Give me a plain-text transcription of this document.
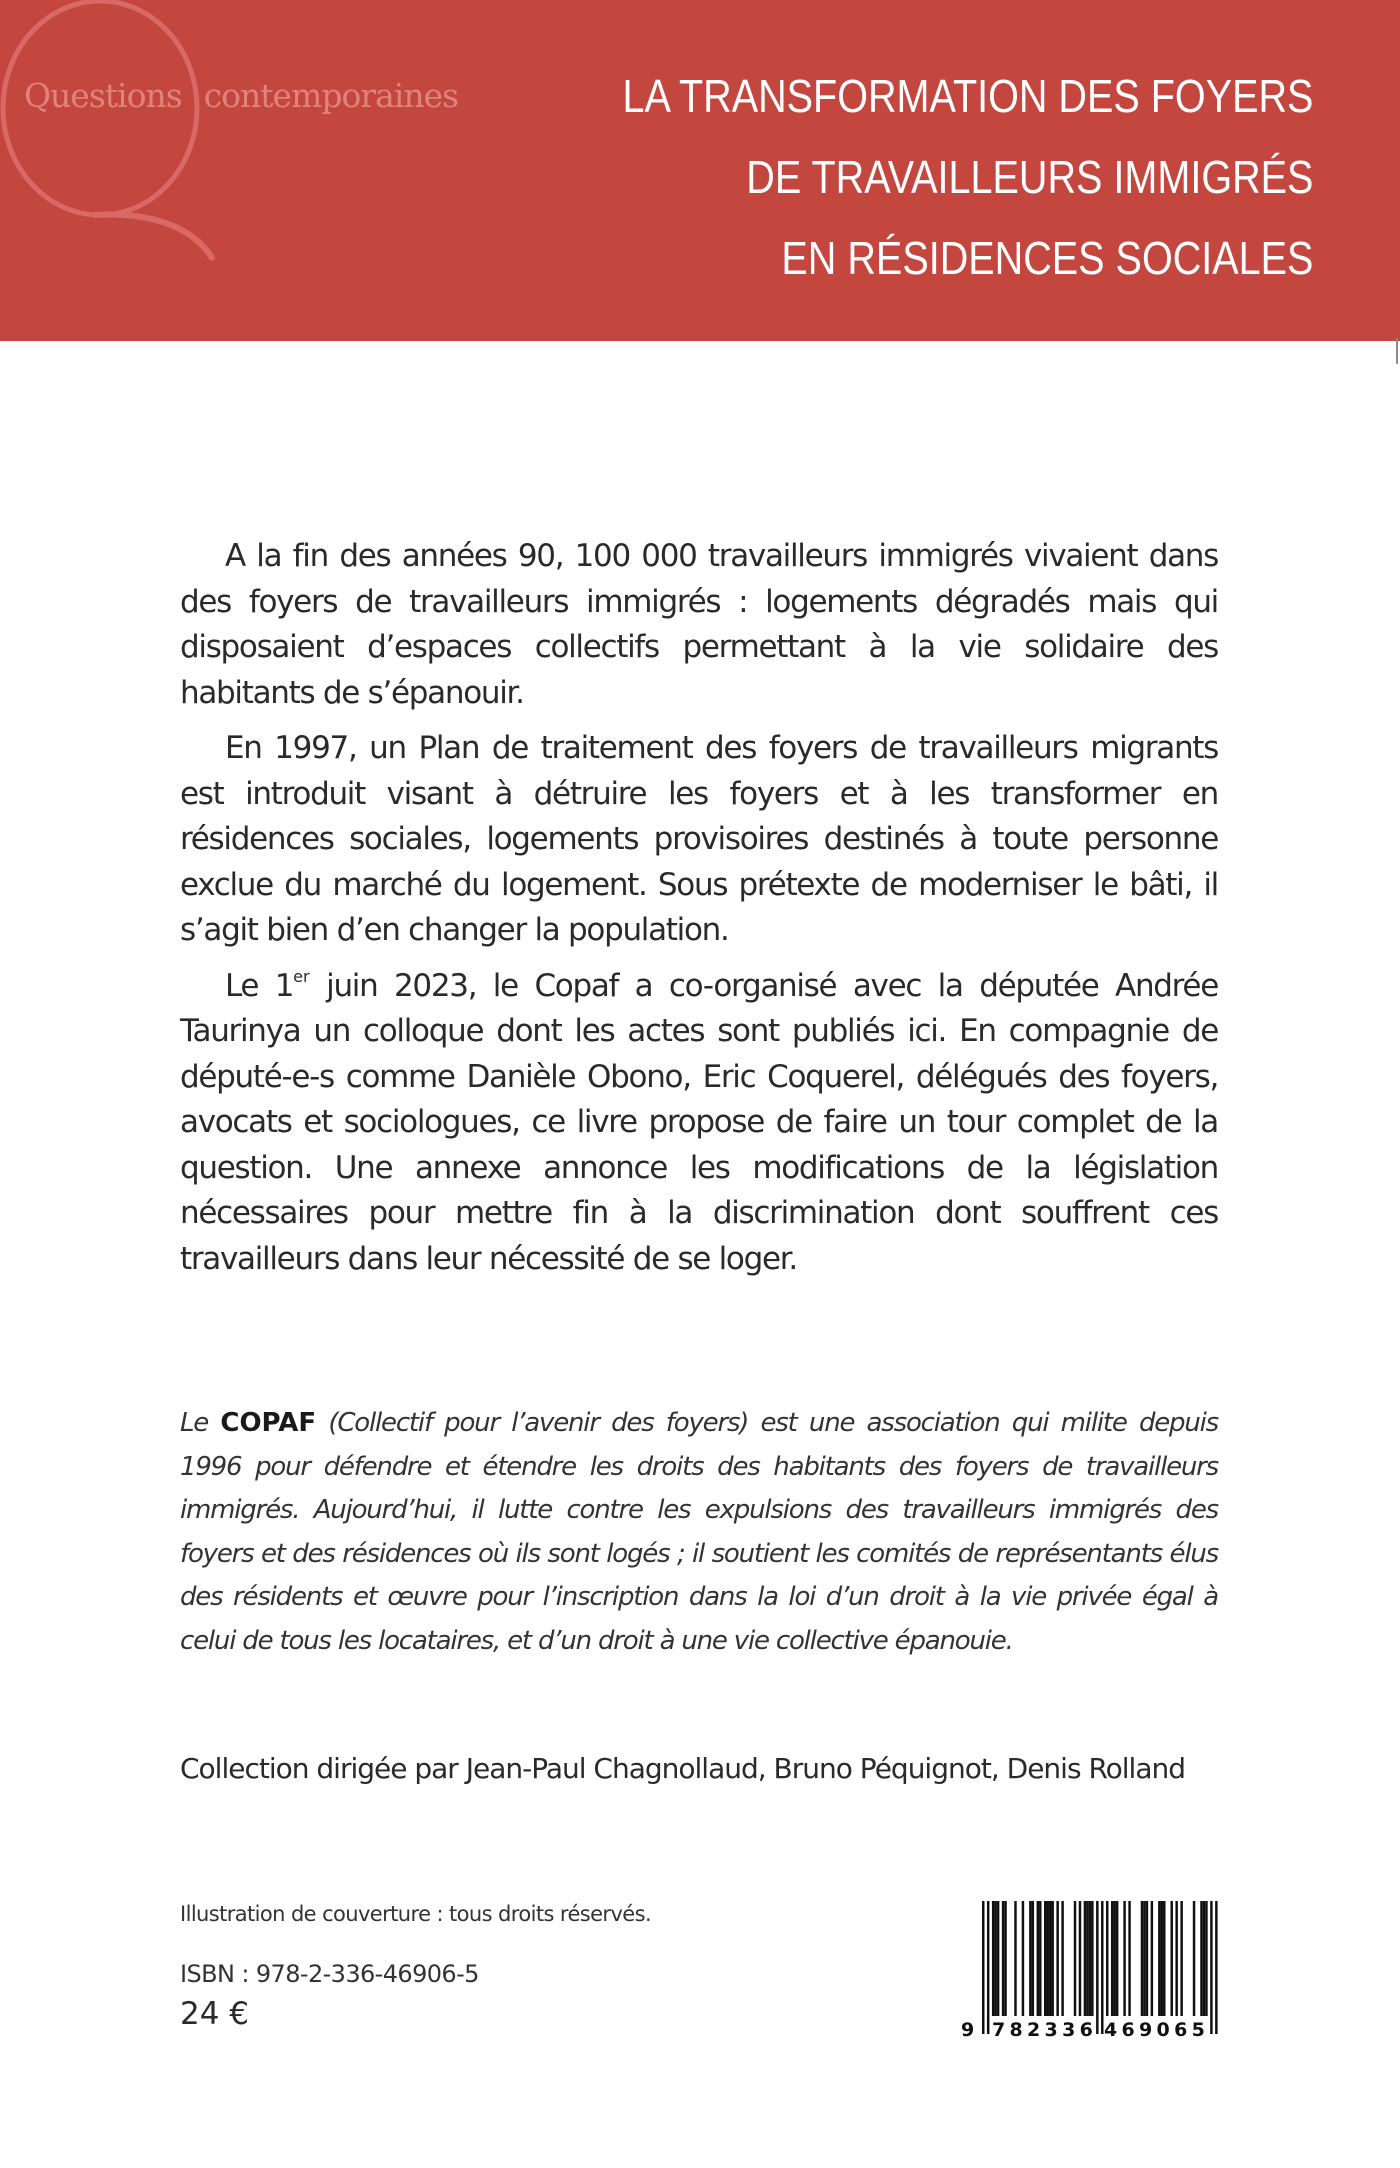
Questions contemporaines	LA TRANSFORMATION DES FOYERS
DE TRAVAILLEURS IMMIGRÉS
EN RÉSIDENCES SOCIALES

A la fin des années 90, 100 000 travailleurs immigrés vivaient dans des foyers de travailleurs immigrés : logements dégradés mais qui disposaient d’espaces collectifs permettant à la vie solidaire des habitants de s’épanouir.

En 1997, un Plan de traitement des foyers de travailleurs migrants est introduit visant à détruire les foyers et à les transformer en résidences sociales, logements provisoires destinés à toute personne exclue du marché du logement. Sous prétexte de moderniser le bâti, il s’agit bien d’en changer la population.

Le 1er juin 2023, le Copaf a co-organisé avec la députée Andrée Taurinya un colloque dont les actes sont publiés ici. En compagnie de député-e-s comme Danièle Obono, Eric Coquerel, délégués des foyers, avocats et sociologues, ce livre propose de faire un tour complet de la question. Une annexe annonce les modifications de la législation nécessaires pour mettre fin à la discrimination dont souffrent ces travailleurs dans leur nécessité de se loger.

Le COPAF (Collectif pour l’avenir des foyers) est une association qui milite depuis 1996 pour défendre et étendre les droits des habitants des foyers de travailleurs immigrés. Aujourd’hui, il lutte contre les expulsions des travailleurs immigrés des foyers et des résidences où ils sont logés ; il soutient les comités de représentants élus des résidents et œuvre pour l’inscription dans la loi d’un droit à la vie privée égal à celui de tous les locataires, et d’un droit à une vie collective épanouie.

Collection dirigée par Jean-Paul Chagnollaud, Bruno Péquignot, Denis Rolland
Illustration de couverture : tous droits réservés.
ISBN : 978-2-336-46906-5
24 €	9 782336 469065
